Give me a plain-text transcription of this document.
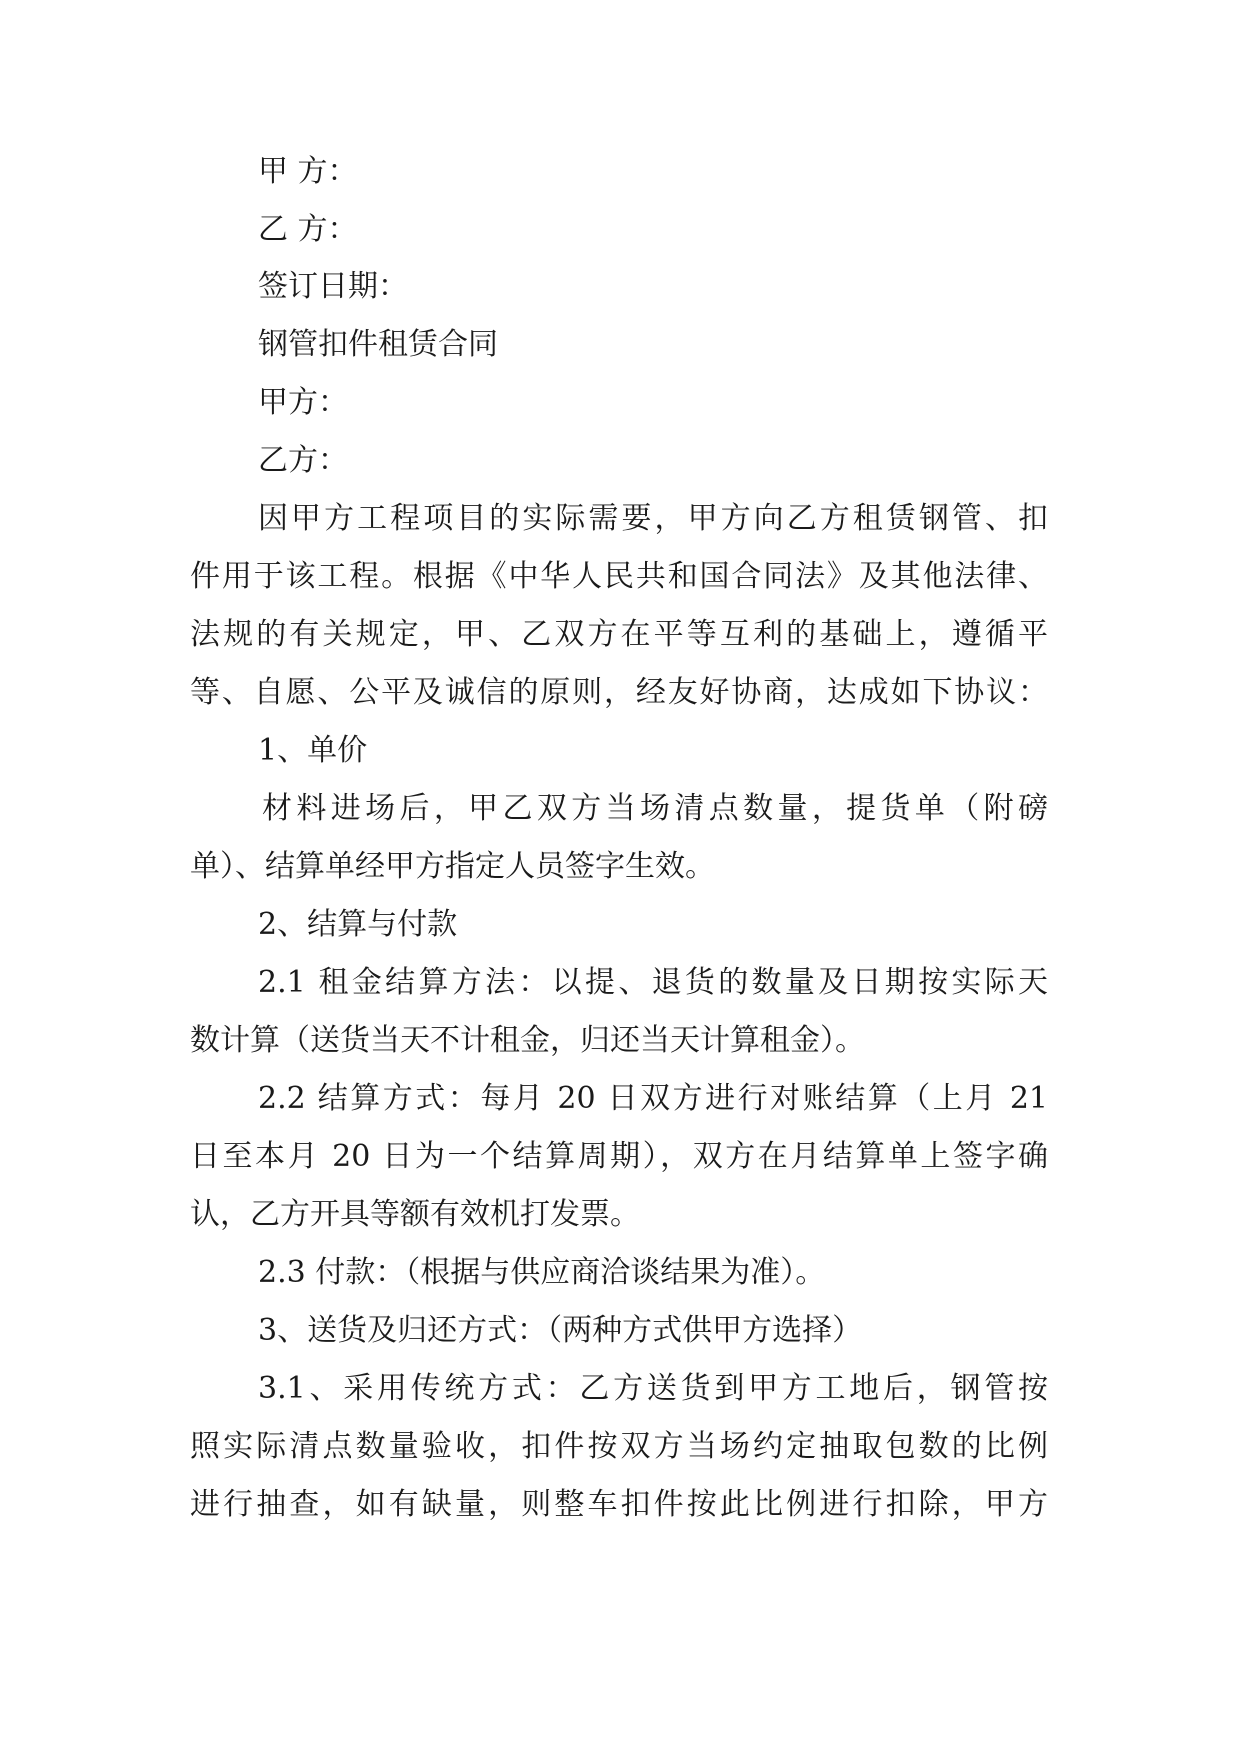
甲 方：

乙 方：

签订日期：

钢管扣件租赁合同

甲方：

乙方：

因甲方工程项目的实际需要，甲方向乙方租赁钢管、扣

件用于该工程。根据《中华人民共和国合同法》及其他法律、

法规的有关规定，甲、乙双方在平等互利的基础上，遵循平

等、自愿、公平及诚信的原则，经友好协商，达成如下协议：

1、单价

材料进场后，甲乙双方当场清点数量，提货单（附磅

单）、结算单经甲方指定人员签字生效。

2、结算与付款

2.1 租金结算方法：以提、退货的数量及日期按实际天

数计算（送货当天不计租金，归还当天计算租金）。

2.2 结算方式：每月 20 日双方进行对账结算（上月 21

日至本月 20 日为一个结算周期），双方在月结算单上签字确

认，乙方开具等额有效机打发票。

2.3 付款：（根据与供应商洽谈结果为准）。

3、送货及归还方式：（两种方式供甲方选择）

3.1、采用传统方式：乙方送货到甲方工地后，钢管按

照实际清点数量验收，扣件按双方当场约定抽取包数的比例

进行抽查，如有缺量，则整车扣件按此比例进行扣除，甲方
